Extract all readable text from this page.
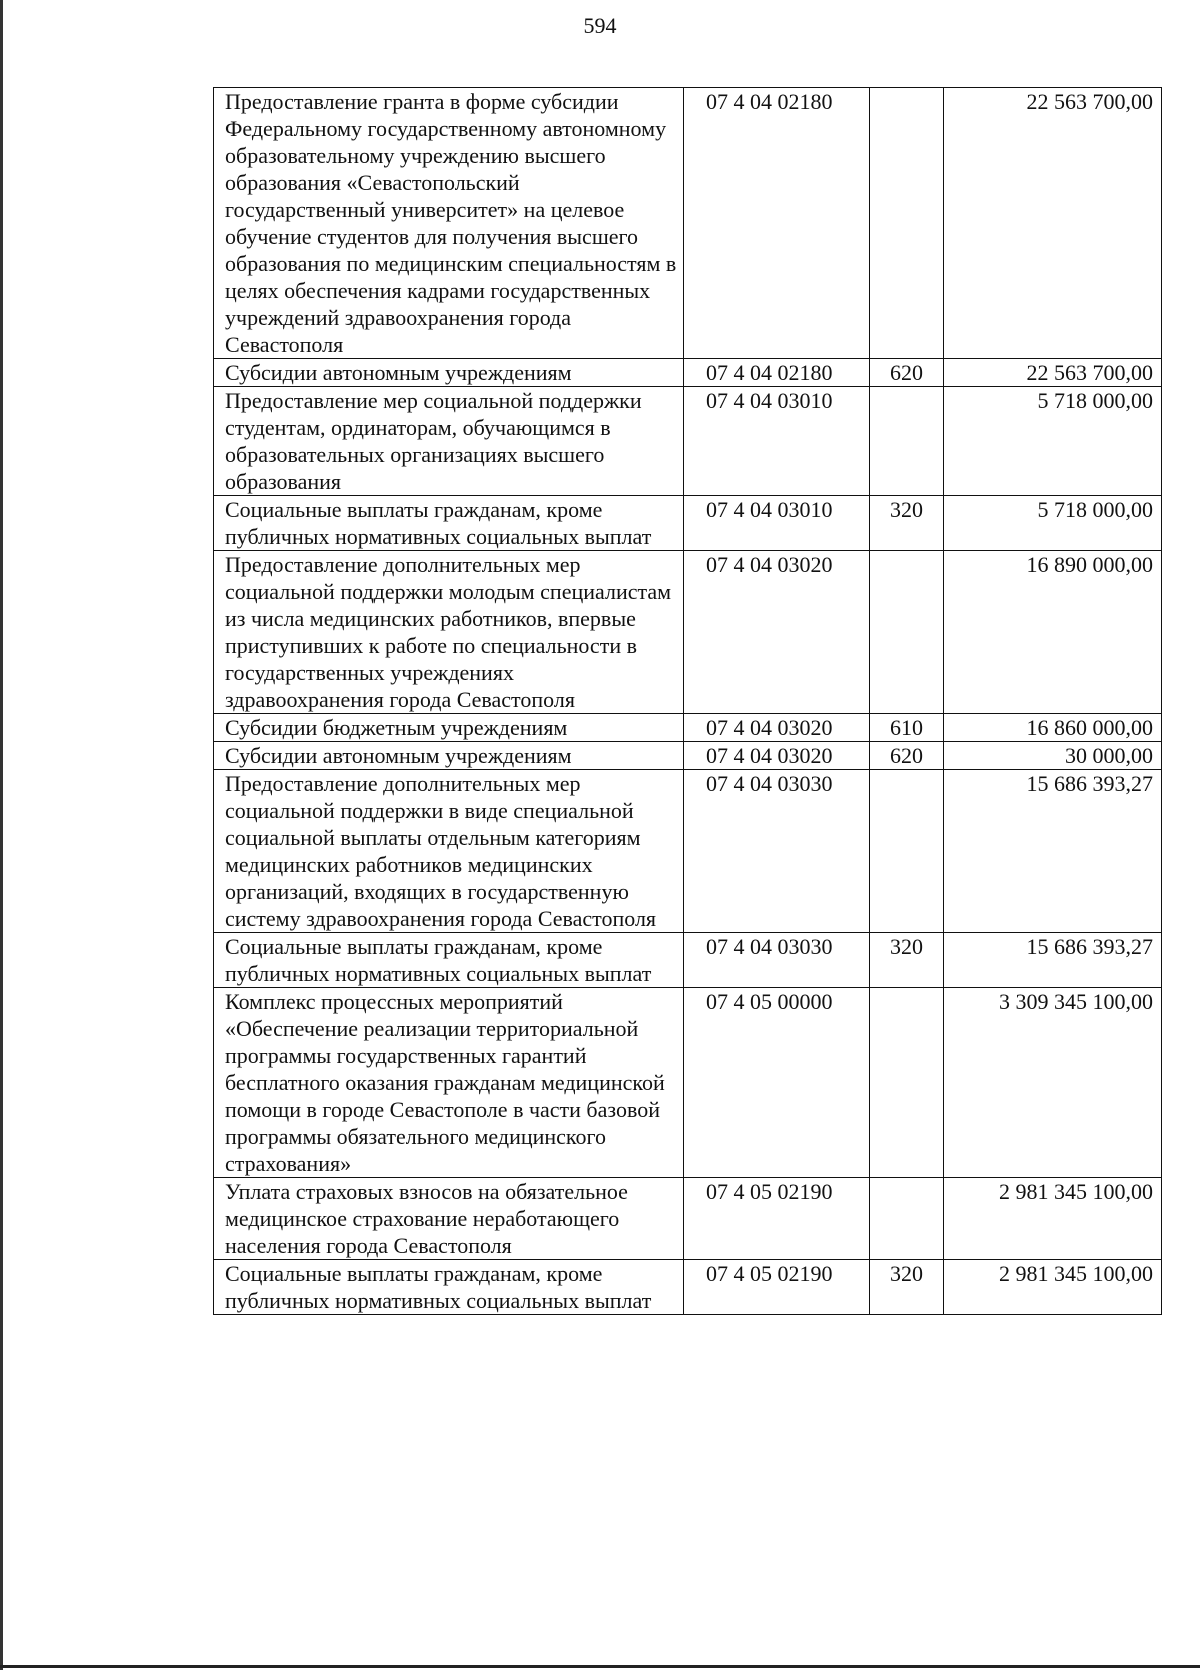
594
Предоставление гранта в форме субсидии Федеральному государственному автономному образовательному учреждению высшего образования «Севастопольский государственный университет» на целевое обучение студентов для получения высшего образования по медицинским специальностям в целях обеспечения кадрами государственных учреждений здравоохранения города Севастополя	07 4 04 02180		22 563 700,00
Субсидии автономным учреждениям	07 4 04 02180	620	22 563 700,00
Предоставление мер социальной поддержки студентам, ординаторам, обучающимся в образовательных организациях высшего образования	07 4 04 03010		5 718 000,00
Социальные выплаты гражданам, кроме публичных нормативных социальных выплат	07 4 04 03010	320	5 718 000,00
Предоставление дополнительных мер социальной поддержки молодым специалистам из числа медицинских работников, впервые приступивших к работе по специальности в государственных учреждениях здравоохранения города Севастополя	07 4 04 03020		16 890 000,00
Субсидии бюджетным учреждениям	07 4 04 03020	610	16 860 000,00
Субсидии автономным учреждениям	07 4 04 03020	620	30 000,00
Предоставление дополнительных мер социальной поддержки в виде специальной социальной выплаты отдельным категориям медицинских работников медицинских организаций, входящих в государственную систему здравоохранения города Севастополя	07 4 04 03030		15 686 393,27
Социальные выплаты гражданам, кроме публичных нормативных социальных выплат	07 4 04 03030	320	15 686 393,27
Комплекс процессных мероприятий «Обеспечение реализации территориальной программы государственных гарантий бесплатного оказания гражданам медицинской помощи в городе Севастополе в части базовой программы обязательного медицинского страхования»	07 4 05 00000		3 309 345 100,00
Уплата страховых взносов на обязательное медицинское страхование неработающего населения города Севастополя	07 4 05 02190		2 981 345 100,00
Социальные выплаты гражданам, кроме публичных нормативных социальных выплат	07 4 05 02190	320	2 981 345 100,00
